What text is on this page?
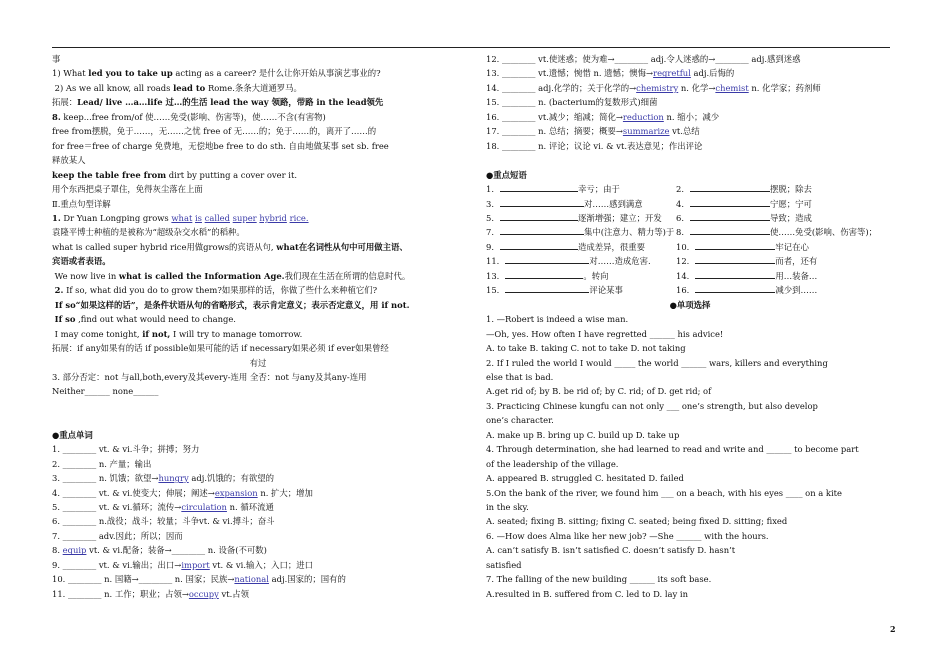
事
1) What led you to take up acting as a career? 是什么让你开始从事演艺事业的?
2) As we all know, all roads lead to Rome.条条大道通罗马。
拓展：Lead/ live …a…life 过…的生活 lead the way 领路，带路 in the lead领先
8. keep...free from/of 使……免受(影响、伤害等)，使……不含(有害物)
free from摆脱，免于……，无……之忧 free of 无……的；免于……的，离开了……的
for free＝free of charge 免费地，无偿地be free to do sth. 自由地做某事 set sb. free
释放某人
keep the table free from dirt by putting a cover over it.
用个东西把桌子罩住，免得灰尘落在上面
Ⅱ.重点句型详解
1. Dr Yuan Longping grows what is called super hybrid rice.
袁隆平博士种植的是被称为“超级杂交水稻”的稻种。
what is called super hybrid rice用做grows的宾语从句, what在名词性从句中可用做主语、
宾语或者表语。
We now live in what is called the Information Age.我们现在生活在所谓的信息时代。
2. If so, what did you do to grow them?如果那样的话，你做了些什么来种植它们?
If so“如果这样的话”，是条件状语从句的省略形式，表示肯定意义；表示否定意义，用 if not.
If so ,find out what would need to change.
I may come tonight, if not, I will try to manage tomorrow.
拓展：if any如果有的话 if possible如果可能的话 if necessary如果必须 if ever如果曾经
有过
3. 部分否定：not 与all,both,every及其every-连用 全否：not 与any及其any-连用
Neither______ none______
●重点单词
1. ________ vt. & vi.斗争；拼搏；努力
2. ________ n. 产量；输出
3. ________ n. 饥饿；欲望→hungry adj.饥饿的；有欲望的
4. ________ vt. & vi.使变大；伸展；阐述→expansion n. 扩大；增加
5. ________ vt. & vi.循环；流传→circulation n. 循环流通
6. ________ n.战役；战斗；较量；斗争vt. & vi.搏斗；奋斗
7. ________ adv.因此；所以；因而
8. equip vt. & vi.配备；装备→________ n. 设备(不可数)
9. ________ vt. & vi.输出；出口→import vt. & vi.输入；入口；进口
10. ________ n. 国籍→________ n. 国家；民族→national adj.国家的；国有的
11. ________ n. 工作；职业；占领→occupy vt.占领
12. ________ vt.使迷惑；使为难→________ adj.令人迷惑的→________ adj.感到迷惑
13. ________ vt.遗憾；惋惜 n. 遗憾；懊悔→regretful adj.后悔的
14. ________ adj.化学的；关于化学的→chemistry n. 化学→chemist n. 化学家；药剂师
15. ________ n. (bacterium的复数形式)细菌
16. ________ vt.减少；缩减；简化→reduction n. 缩小；减少
17. ________ n. 总结；摘要；概要→summarize vt.总结
18. ________ n. 评论；议论 vi. & vt.表达意见；作出评论
●重点短语
1.	幸亏；由于	2.	摆脱；除去
3.	对……感到满意	4.	宁愿；宁可
5.	逐渐增强；建立；开发	6.	导致；造成
7.	集中(注意力、精力等)于 8.	使……免受(影响、伤害等)；
9.	造成差异，很重要	10.	牢记在心
11.	对……造成危害.	12.	而者，还有
13.	。转向	14.	用…装备…
15.	评论某事	16.	减少到……
●单项选择
1. —Robert is indeed a wise man.
—Oh, yes. How often I have regretted ______ his advice!
A. to take B. taking C. not to take D. not taking
2. If I ruled the world I would _____ the world ______ wars, killers and everything
else that is bad.
A.get rid of; by B. be rid of; by C. rid; of D. get rid; of
3. Practicing Chinese kungfu can not only ___ one’s strength, but also develop
one’s character.
A. make up B. bring up C. build up D. take up
4. Through determination, she had learned to read and write and ______ to become part
of the leadership of the village.
A. appeared B. struggled C. hesitated D. failed
5.On the bank of the river, we found him ___ on a beach, with his eyes ____ on a kite
in the sky.
A. seated; fixing B. sitting; fixing C. seated; being fixed D. sitting; fixed
6. —How does Alma like her new job? —She ______ with the hours.
A. can’t satisfy B. isn’t satisfied C. doesn’t satisfy D. hasn’t
satisfied
7. The falling of the new building ______ its soft base.
A.resulted in B. suffered from C. led to D. lay in
2
